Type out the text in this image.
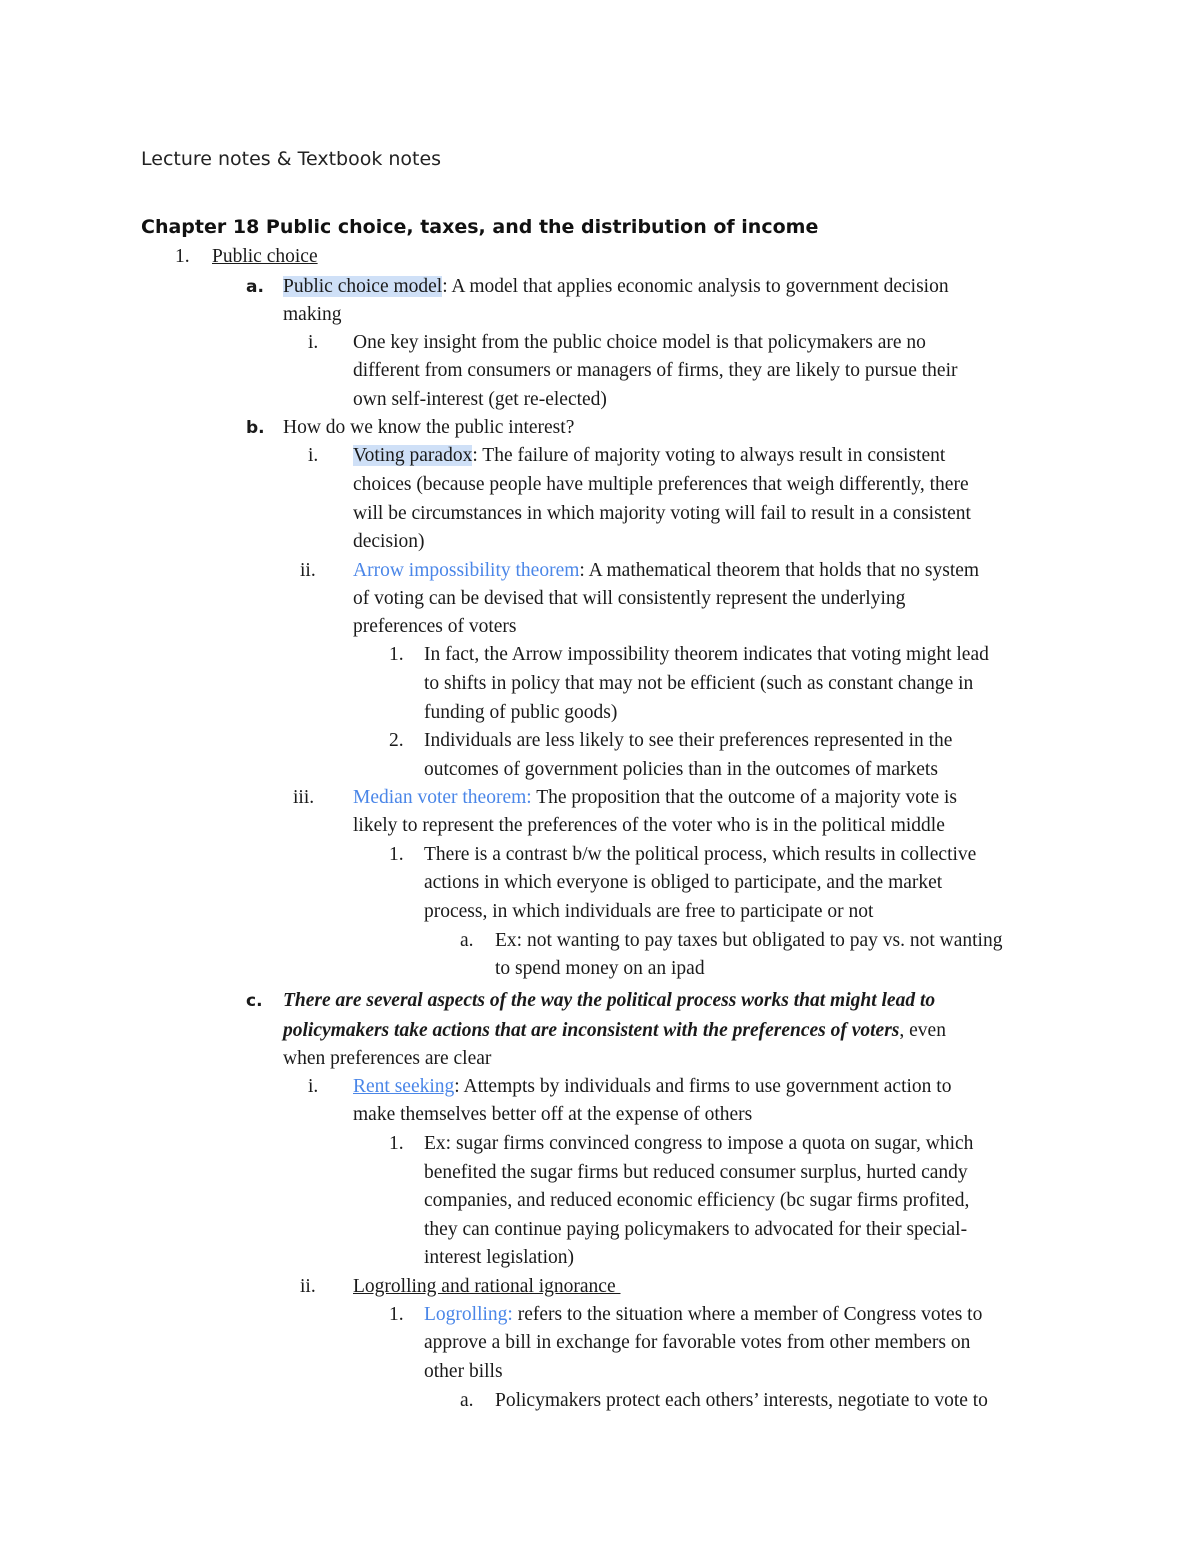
Lecture notes & Textbook notes
Chapter 18 Public choice, taxes, and the distribution of income
1. Public choice
a. Public choice model: A model that applies economic analysis to government decision
making
i. One key insight from the public choice model is that policymakers are no
different from consumers or managers of firms, they are likely to pursue their
own self-interest (get re-elected)
b. How do we know the public interest?
i. Voting paradox: The failure of majority voting to always result in consistent
choices (because people have multiple preferences that weigh differently, there
will be circumstances in which majority voting will fail to result in a consistent
decision)
ii. Arrow impossibility theorem: A mathematical theorem that holds that no system
of voting can be devised that will consistently represent the underlying
preferences of voters
1. In fact, the Arrow impossibility theorem indicates that voting might lead
to shifts in policy that may not be efficient (such as constant change in
funding of public goods)
2. Individuals are less likely to see their preferences represented in the
outcomes of government policies than in the outcomes of markets
iii. Median voter theorem: The proposition that the outcome of a majority vote is
likely to represent the preferences of the voter who is in the political middle
1. There is a contrast b/w the political process, which results in collective
actions in which everyone is obliged to participate, and the market
process, in which individuals are free to participate or not
a. Ex: not wanting to pay taxes but obligated to pay vs. not wanting
to spend money on an ipad
c. There are several aspects of the way the political process works that might lead to
policymakers take actions that are inconsistent with the preferences of voters, even
when preferences are clear
i. Rent seeking: Attempts by individuals and firms to use government action to
make themselves better off at the expense of others
1. Ex: sugar firms convinced congress to impose a quota on sugar, which
benefited the sugar firms but reduced consumer surplus, hurted candy
companies, and reduced economic efficiency (bc sugar firms profited,
they can continue paying policymakers to advocated for their special-
interest legislation)
ii. Logrolling and rational ignorance
1. Logrolling: refers to the situation where a member of Congress votes to
approve a bill in exchange for favorable votes from other members on
other bills
a. Policymakers protect each others’ interests, negotiate to vote to
